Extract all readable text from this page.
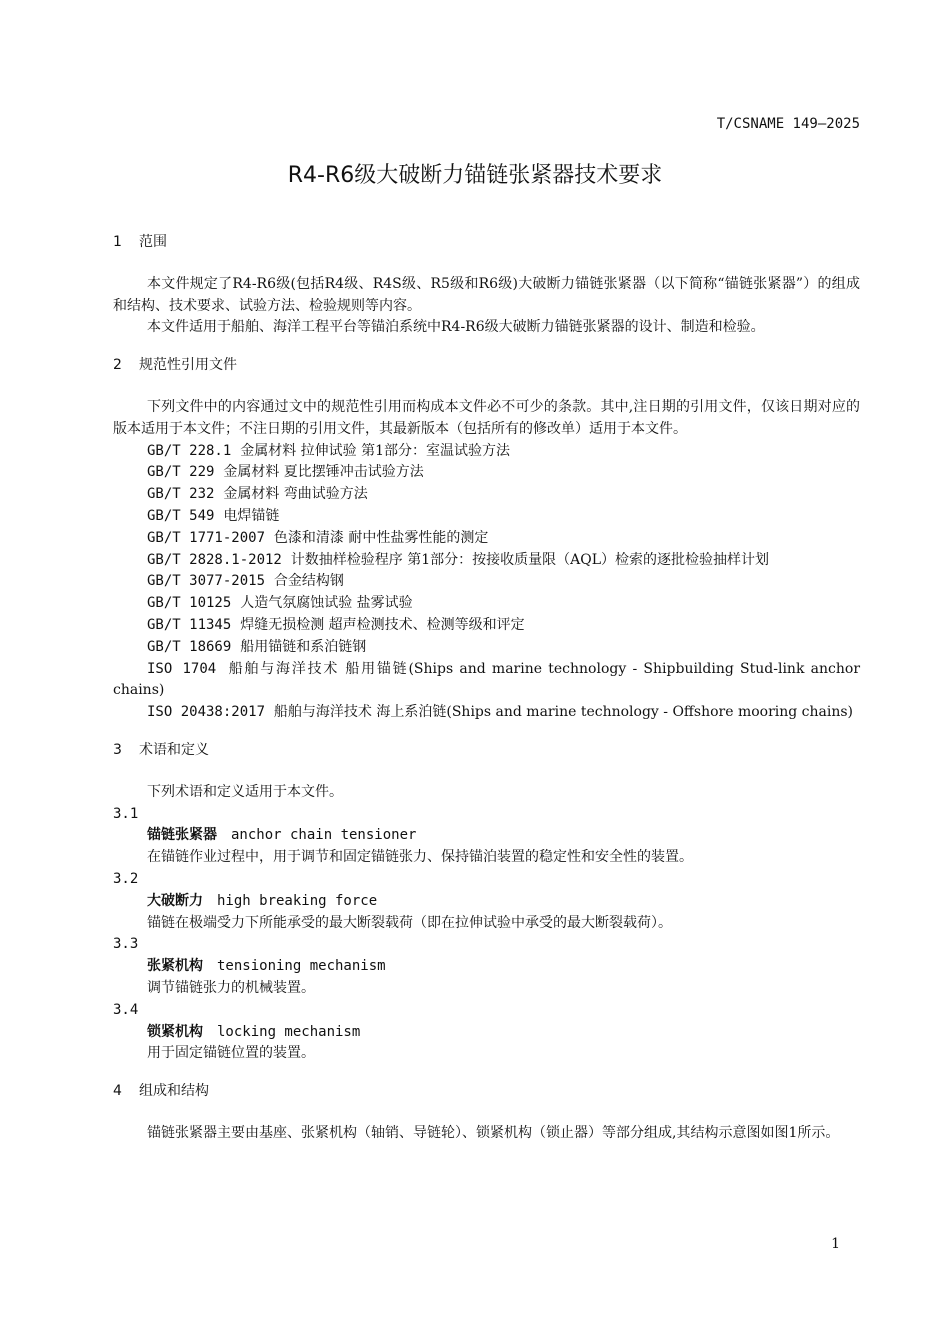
T/CSNAME 149—2025
R4-R6级大破断力锚链张紧器技术要求
1 范围
本文件规定了R4-R6级(包括R4级、R4S级、R5级和R6级)大破断力锚链张紧器（以下简称“锚链张紧器”）的组成和结构、技术要求、试验方法、检验规则等内容。
本文件适用于船舶、海洋工程平台等锚泊系统中R4-R6级大破断力锚链张紧器的设计、制造和检验。
2 规范性引用文件
下列文件中的内容通过文中的规范性引用而构成本文件必不可少的条款。其中,注日期的引用文件，仅该日期对应的版本适用于本文件；不注日期的引用文件，其最新版本（包括所有的修改单）适用于本文件。
GB/T 228.1 金属材料 拉伸试验 第1部分：室温试验方法
GB/T 229 金属材料 夏比摆锤冲击试验方法
GB/T 232 金属材料 弯曲试验方法
GB/T 549 电焊锚链
GB/T 1771-2007 色漆和清漆 耐中性盐雾性能的测定
GB/T 2828.1-2012 计数抽样检验程序 第1部分：按接收质量限（AQL）检索的逐批检验抽样计划
GB/T 3077-2015 合金结构钢
GB/T 10125 人造气氛腐蚀试验 盐雾试验
GB/T 11345 焊缝无损检测 超声检测技术、检测等级和评定
GB/T 18669 船用锚链和系泊链钢
ISO 1704 船舶与海洋技术 船用锚链(Ships and marine technology - Shipbuilding Stud-link anchor chains)
ISO 20438:2017 船舶与海洋技术 海上系泊链(Ships and marine technology - Offshore mooring chains)
3 术语和定义
下列术语和定义适用于本文件。
3.1
锚链张紧器 anchor chain tensioner
在锚链作业过程中，用于调节和固定锚链张力、保持锚泊装置的稳定性和安全性的装置。
3.2
大破断力 high breaking force
锚链在极端受力下所能承受的最大断裂载荷（即在拉伸试验中承受的最大断裂载荷）。
3.3
张紧机构 tensioning mechanism
调节锚链张力的机械装置。
3.4
锁紧机构 locking mechanism
用于固定锚链位置的装置。
4 组成和结构
锚链张紧器主要由基座、张紧机构（轴销、导链轮）、锁紧机构（锁止器）等部分组成,其结构示意图如图1所示。
1
